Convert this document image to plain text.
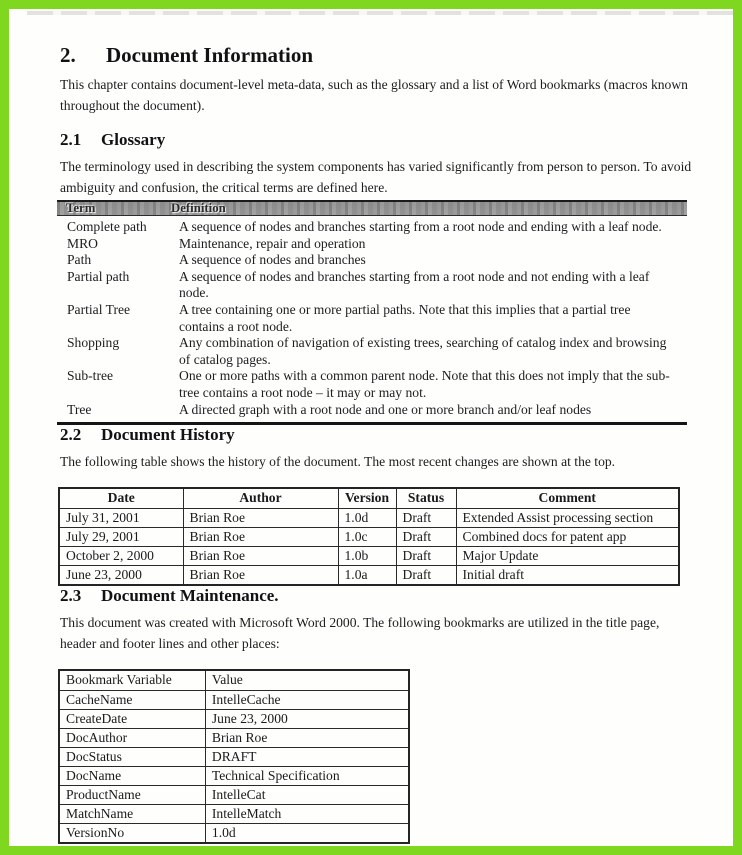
2. Document Information

This chapter contains document-level meta-data, such as the glossary and a list of Word bookmarks (macros known throughout the document).

2.1 Glossary

The terminology used in describing the system components has varied significantly from person to person. To avoid ambiguity and confusion, the critical terms are defined here.

Term	Definition
Complete path	A sequence of nodes and branches starting from a root node and ending with a leaf node.
MRO	Maintenance, repair and operation
Path	A sequence of nodes and branches
Partial path	A sequence of nodes and branches starting from a root node and not ending with a leaf node.
Partial Tree	A tree containing one or more partial paths. Note that this implies that a partial tree contains a root node.
Shopping	Any combination of navigation of existing trees, searching of catalog index and browsing of catalog pages.
Sub-tree	One or more paths with a common parent node. Note that this does not imply that the sub-tree contains a root node – it may or may not.
Tree	A directed graph with a root node and one or more branch and/or leaf nodes
2.2 Document History

The following table shows the history of the document. The most recent changes are shown at the top.

Date	Author	Version	Status	Comment
July 31, 2001	Brian Roe	1.0d	Draft	Extended Assist processing section
July 29, 2001	Brian Roe	1.0c	Draft	Combined docs for patent app
October 2, 2000	Brian Roe	1.0b	Draft	Major Update
June 23, 2000	Brian Roe	1.0a	Draft	Initial draft
2.3 Document Maintenance.

This document was created with Microsoft Word 2000. The following bookmarks are utilized in the title page, header and footer lines and other places:

Bookmark Variable	Value
CacheName	IntelleCache
CreateDate	June 23, 2000
DocAuthor	Brian Roe
DocStatus	DRAFT
DocName	Technical Specification
ProductName	IntelleCat
MatchName	IntelleMatch
VersionNo	1.0d
